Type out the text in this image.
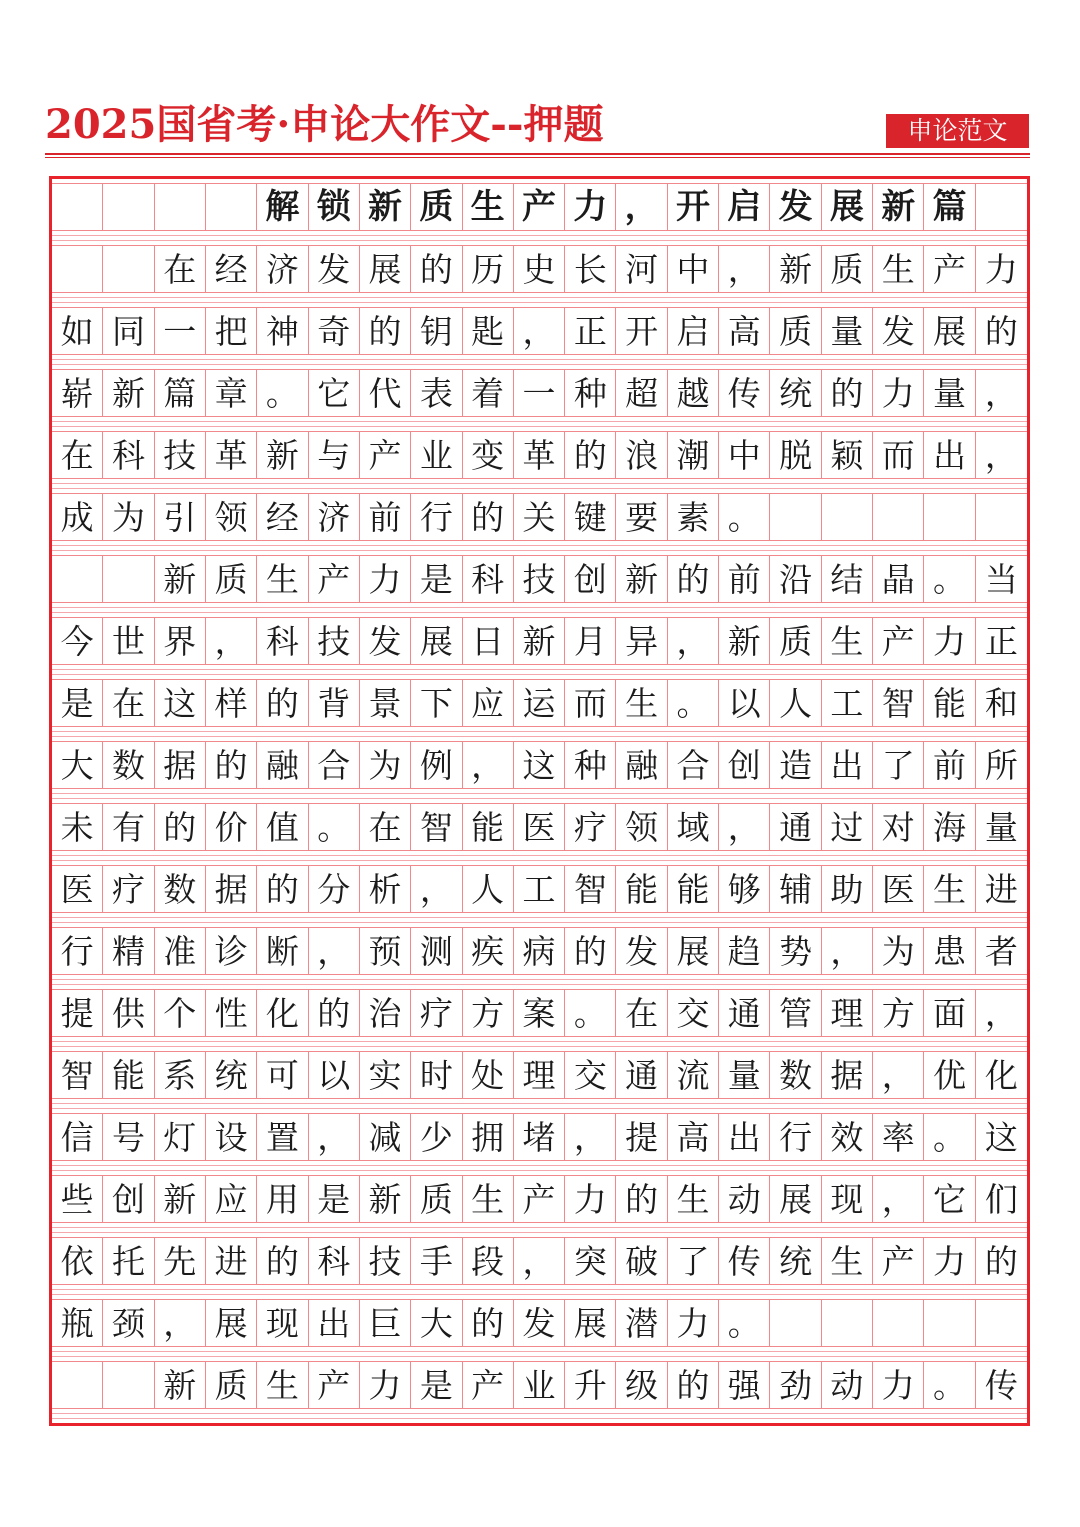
2025国省考·申论大作文--押题	申论范文
解 锁 新 质 生 产 力 ， 开 启 发 展 新 篇
在 经 济 发 展 的 历 史 长 河 中 ， 新 质 生 产 力
如 同 一 把 神 奇 的 钥 匙 ， 正 开 启 高 质 量 发 展 的
崭 新 篇 章 。 它 代 表 着 一 种 超 越 传 统 的 力 量 ，
在 科 技 革 新 与 产 业 变 革 的 浪 潮 中 脱 颖 而 出 ，
成 为 引 领 经 济 前 行 的 关 键 要 素 。
新 质 生 产 力 是 科 技 创 新 的 前 沿 结 晶 。 当
今 世 界 ， 科 技 发 展 日 新 月 异 ， 新 质 生 产 力 正
是 在 这 样 的 背 景 下 应 运 而 生 。 以 人 工 智 能 和
大 数 据 的 融 合 为 例 ， 这 种 融 合 创 造 出 了 前 所
未 有 的 价 值 。 在 智 能 医 疗 领 域 ， 通 过 对 海 量
医 疗 数 据 的 分 析 ， 人 工 智 能 能 够 辅 助 医 生 进
行 精 准 诊 断 ， 预 测 疾 病 的 发 展 趋 势 ， 为 患 者
提 供 个 性 化 的 治 疗 方 案 。 在 交 通 管 理 方 面 ，
智 能 系 统 可 以 实 时 处 理 交 通 流 量 数 据 ， 优 化
信 号 灯 设 置 ， 减 少 拥 堵 ， 提 高 出 行 效 率 。 这
些 创 新 应 用 是 新 质 生 产 力 的 生 动 展 现 ， 它 们
依 托 先 进 的 科 技 手 段 ， 突 破 了 传 统 生 产 力 的
瓶 颈 ， 展 现 出 巨 大 的 发 展 潜 力 。
新 质 生 产 力 是 产 业 升 级 的 强 劲 动 力 。 传
